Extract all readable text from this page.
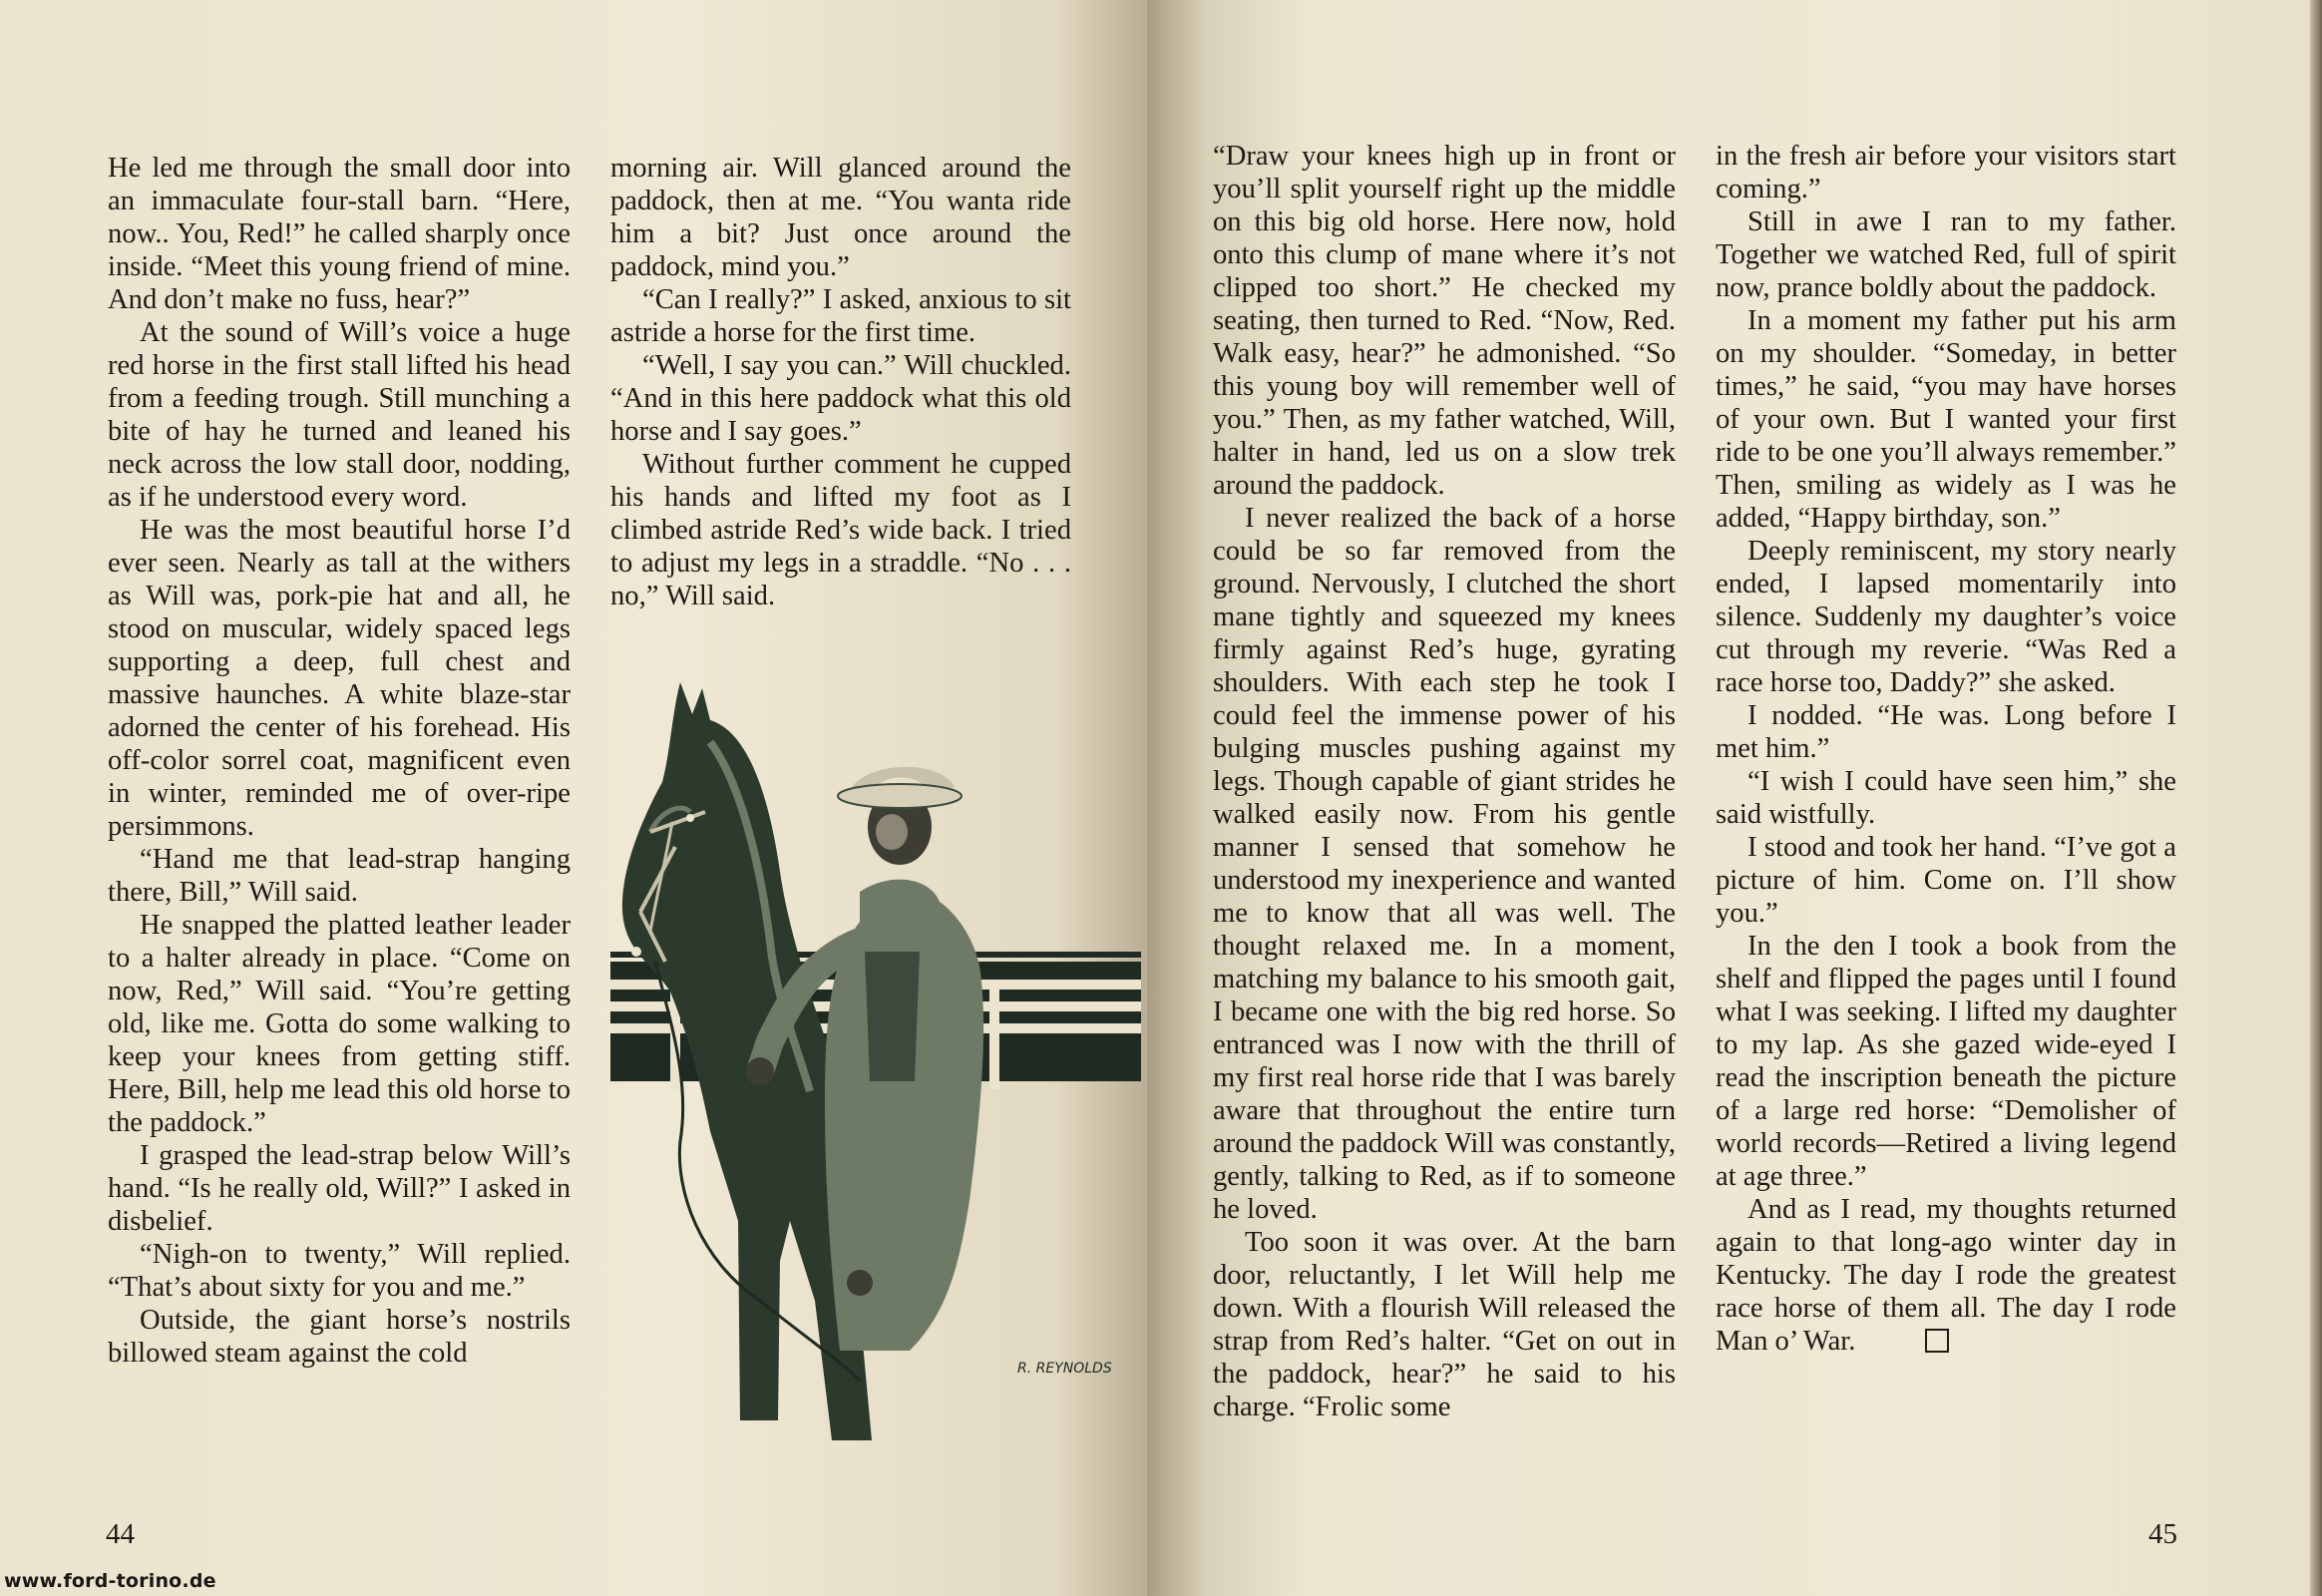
He led me through the small door into an immaculate four-stall barn. “Here, now.. You, Red!” he called sharply once inside. “Meet this young friend of mine. And don’t make no fuss, hear?”

At the sound of Will’s voice a huge red horse in the first stall lifted his head from a feeding trough. Still munching a bite of hay he turned and leaned his neck across the low stall door, nodding, as if he understood every word.

He was the most beautiful horse I’d ever seen. Nearly as tall at the withers as Will was, pork-pie hat and all, he stood on muscular, widely spaced legs supporting a deep, full chest and massive haunches. A white blaze-star adorned the center of his forehead. His off-color sorrel coat, magnificent even in winter, reminded me of over-ripe persimmons.

“Hand me that lead-strap hanging there, Bill,” Will said.

He snapped the platted leather leader to a halter already in place. “Come on now, Red,” Will said. “You’re getting old, like me. Gotta do some walking to keep your knees from getting stiff. Here, Bill, help me lead this old horse to the paddock.”

I grasped the lead-strap below Will’s hand. “Is he really old, Will?” I asked in disbelief.

“Nigh-on to twenty,” Will replied. “That’s about sixty for you and me.”

Outside, the giant horse’s nostrils billowed steam against the cold

morning air. Will glanced around the paddock, then at me. “You wanta ride him a bit? Just once around the paddock, mind you.”

“Can I really?” I asked, anxious to sit astride a horse for the first time.

“Well, I say you can.” Will chuckled. “And in this here paddock what this old horse and I say goes.”

Without further comment he cupped his hands and lifted my foot as I climbed astride Red’s wide back. I tried to adjust my legs in a straddle. “No . . . no,” Will said.

R. REYNOLDS
44
www.ford-torino.de

“Draw your knees high up in front or you’ll split yourself right up the middle on this big old horse. Here now, hold onto this clump of mane where it’s not clipped too short.” He checked my seating, then turned to Red. “Now, Red. Walk easy, hear?” he admonished. “So this young boy will remember well of you.” Then, as my father watched, Will, halter in hand, led us on a slow trek around the paddock.

I never realized the back of a horse could be so far removed from the ground. Nervously, I clutched the short mane tightly and squeezed my knees firmly against Red’s huge, gyrating shoulders. With each step he took I could feel the immense power of his bulging muscles pushing against my legs. Though capable of giant strides he walked easily now. From his gentle manner I sensed that somehow he understood my inexperience and wanted me to know that all was well. The thought relaxed me. In a moment, matching my balance to his smooth gait, I became one with the big red horse. So entranced was I now with the thrill of my first real horse ride that I was barely aware that throughout the entire turn around the paddock Will was constantly, gently, talking to Red, as if to someone he loved.

Too soon it was over. At the barn door, reluctantly, I let Will help me down. With a flourish Will released the strap from Red’s halter. “Get on out in the paddock, hear?” he said to his charge. “Frolic some

in the fresh air before your visitors start coming.”

Still in awe I ran to my father. Together we watched Red, full of spirit now, prance boldly about the paddock.

In a moment my father put his arm on my shoulder. “Someday, in better times,” he said, “you may have horses of your own. But I wanted your first ride to be one you’ll always remember.” Then, smiling as widely as I was he added, “Happy birthday, son.”

Deeply reminiscent, my story nearly ended, I lapsed momentarily into silence. Suddenly my daughter’s voice cut through my reverie. “Was Red a race horse too, Daddy?” she asked.

I nodded. “He was. Long before I met him.”

“I wish I could have seen him,” she said wistfully.

I stood and took her hand. “I’ve got a picture of him. Come on. I’ll show you.”

In the den I took a book from the shelf and flipped the pages until I found what I was seeking. I lifted my daughter to my lap. As she gazed wide-eyed I read the inscription beneath the picture of a large red horse: “Demolisher of world records—Retired a living legend at age three.”

And as I read, my thoughts returned again to that long-ago winter day in Kentucky. The day I rode the greatest race horse of them all. The day I rode Man o’ War.

45
